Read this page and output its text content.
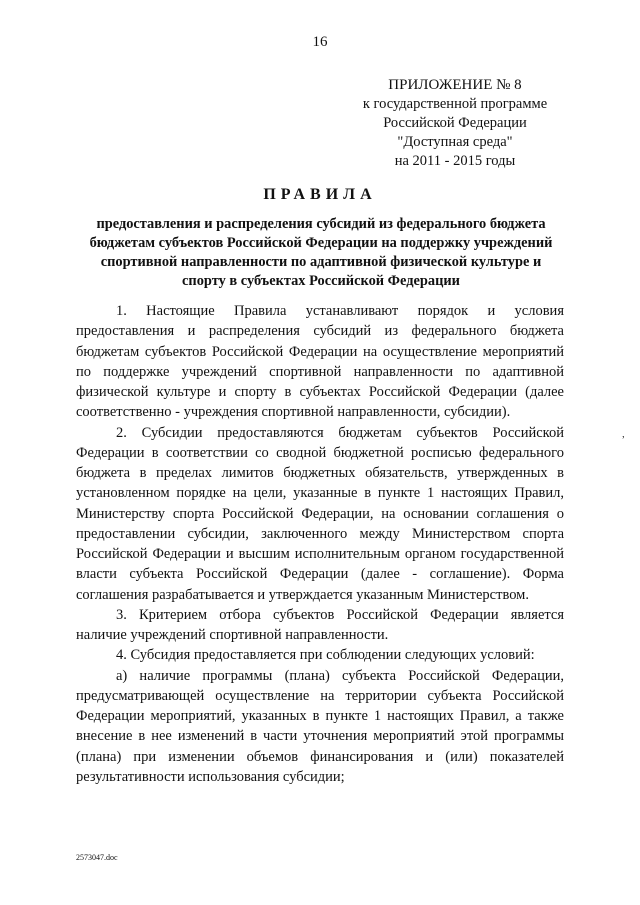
16
ПРИЛОЖЕНИЕ № 8
к государственной программе
Российской Федерации
"Доступная среда"
на 2011 - 2015 годы
ПРАВИЛА
предоставления и распределения субсидий из федерального бюджета бюджетам субъектов Российской Федерации на поддержку учреждений спортивной направленности по адаптивной физической культуре и спорту в субъектах Российской Федерации

1. Настоящие Правила устанавливают порядок и условия предоставления и распределения субсидий из федерального бюджета бюджетам субъектов Российской Федерации на осуществление мероприятий по поддержке учреждений спортивной направленности по адаптивной физической культуре и спорту в субъектах Российской Федерации (далее соответственно - учреждения спортивной направленности, субсидии).

2. Субсидии предоставляются бюджетам субъектов Российской Федерации в соответствии со сводной бюджетной росписью федерального бюджета в пределах лимитов бюджетных обязательств, утвержденных в установленном порядке на цели, указанные в пункте 1 настоящих Правил, Министерству спорта Российской Федерации, на основании соглашения о предоставлении субсидии, заключенного между Министерством спорта Российской Федерации и высшим исполнительным органом государственной власти субъекта Российской Федерации (далее - соглашение). Форма соглашения разрабатывается и утверждается указанным Министерством.

3. Критерием отбора субъектов Российской Федерации является наличие учреждений спортивной направленности.

4. Субсидия предоставляется при соблюдении следующих условий:

а) наличие программы (плана) субъекта Российской Федерации, предусматривающей осуществление на территории субъекта Российской Федерации мероприятий, указанных в пункте 1 настоящих Правил, а также внесение в нее изменений в части уточнения мероприятий этой программы (плана) при изменении объемов финансирования и (или) показателей результативности использования субсидии;

,
2573047.doc
